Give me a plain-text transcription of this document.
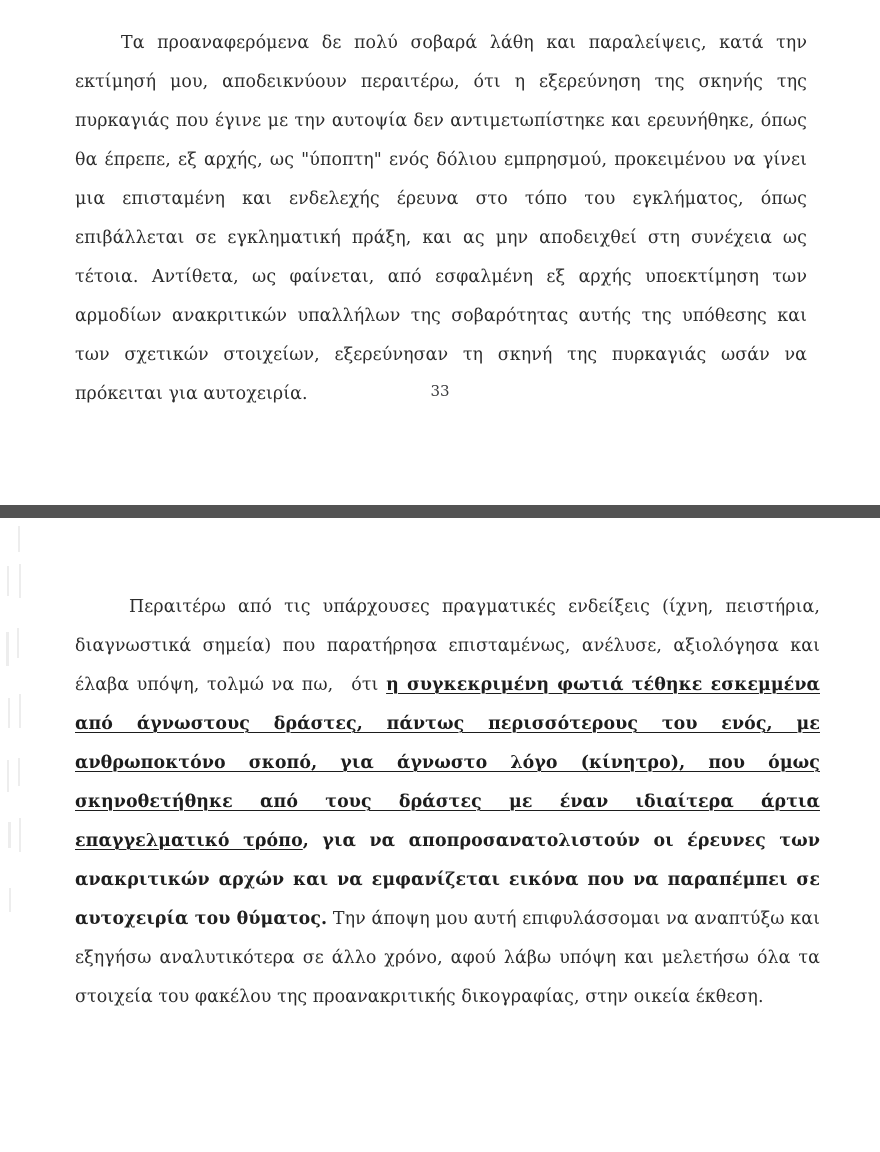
Τα προαναφερόμενα δε πολύ σοβαρά λάθη και παραλείψεις, κατά την εκτίμησή μου, αποδεικνύουν περαιτέρω, ότι η εξερεύνηση της σκηνής της πυρκαγιάς που έγινε με την αυτοψία δεν αντιμετωπίστηκε και ερευνήθηκε, όπως θα έπρεπε, εξ αρχής, ως "ύποπτη" ενός δόλιου εμπρησμού, προκειμένου να γίνει μια επισταμένη και ενδελεχής έρευνα στο τόπο του εγκλήματος, όπως επιβάλλεται σε εγκληματική πράξη, και ας μην αποδειχθεί στη συνέχεια ως τέτοια. Αντίθετα, ως φαίνεται, από εσφαλμένη εξ αρχής υποεκτίμηση των αρμοδίων ανακριτικών υπαλλήλων της σοβαρότητας αυτής της υπόθεσης και των σχετικών στοιχείων, εξερεύνησαν τη σκηνή της πυρκαγιάς ωσάν να πρόκειται για αυτοχειρία.	33
Περαιτέρω από τις υπάρχουσες πραγματικές ενδείξεις (ίχνη, πειστήρια, διαγνωστικά σημεία) που παρατήρησα επισταμένως, ανέλυσε, αξιολόγησα και έλαβα υπόψη, τολμώ να πω, ότι η συγκεκριμένη φωτιά τέθηκε εσκεμμένα από άγνωστους δράστες, πάντως περισσότερους του ενός, με ανθρωποκτόνο σκοπό, για άγνωστο λόγο (κίνητρο), που όμως σκηνοθετήθηκε από τους δράστες με έναν ιδιαίτερα άρτια επαγγελματικό τρόπο, για να αποπροσανατολιστούν οι έρευνες των ανακριτικών αρχών και να εμφανίζεται εικόνα που να παραπέμπει σε αυτοχειρία του θύματος. Την άποψη μου αυτή επιφυλάσσομαι να αναπτύξω και εξηγήσω αναλυτικότερα σε άλλο χρόνο, αφού λάβω υπόψη και μελετήσω όλα τα στοιχεία του φακέλου της προανακριτικής δικογραφίας, στην οικεία έκθεση.
